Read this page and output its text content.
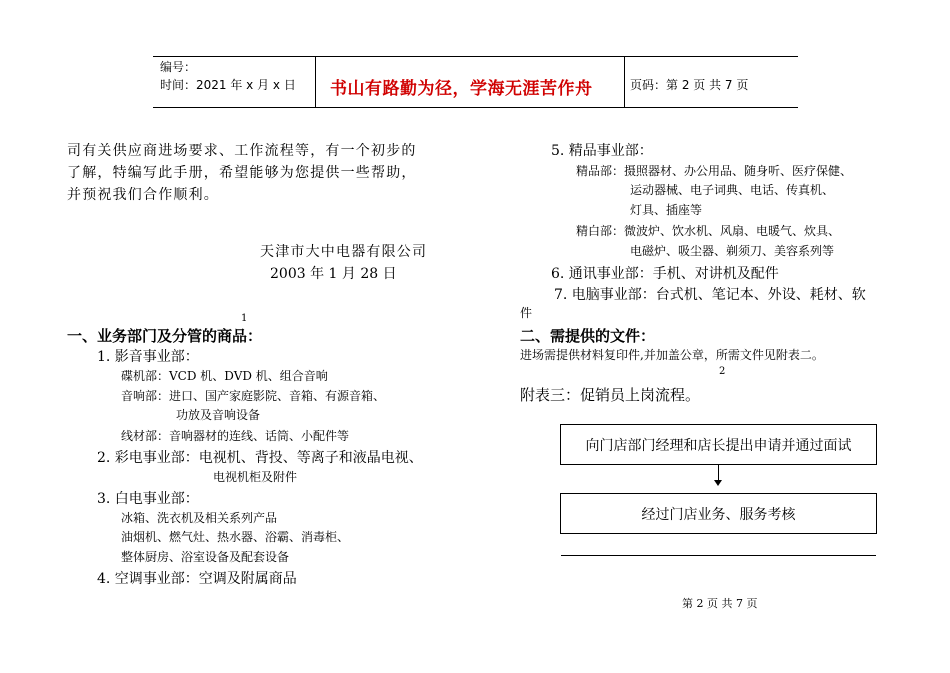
编号：
时间：2021 年 x 月 x 日 书山有路勤为径，学海无涯苦作舟	页码：第 2 页 共 7 页
司有关供应商进场要求、工作流程等，有一个初步的
了解，特编写此手册，希望能够为您提供一些帮助，
并预祝我们合作顺利。
天津市大中电器有限公司
2003 年 1 月 28 日
1
一、业务部门及分管的商品：
1. 影音事业部：
碟机部：VCD 机、DVD 机、组合音响
音响部：进口、国产家庭影院、音箱、有源音箱、
功放及音响设备
线材部：音响器材的连线、话筒、小配件等
2. 彩电事业部：电视机、背投、等离子和液晶电视、
电视机柜及附件
3. 白电事业部：
冰箱、洗衣机及相关系列产品
油烟机、燃气灶、热水器、浴霸、消毒柜、
整体厨房、浴室设备及配套设备
4. 空调事业部：空调及附属商品
5. 精品事业部：
精品部：摄照器材、办公用品、随身听、医疗保健、
运动器械、电子词典、电话、传真机、
灯具、插座等
精白部：微波炉、饮水机、风扇、电暖气、炊具、
电磁炉、吸尘器、剃须刀、美容系列等
6. 通讯事业部：手机、对讲机及配件
7. 电脑事业部：台式机、笔记本、外设、耗材、软
件
二、需提供的文件：
进场需提供材料复印件,并加盖公章，所需文件见附表二。
2
附表三：促销员上岗流程。
向门店部门经理和店长提出申请并通过面试
经过门店业务、服务考核
第 2 页 共 7 页
